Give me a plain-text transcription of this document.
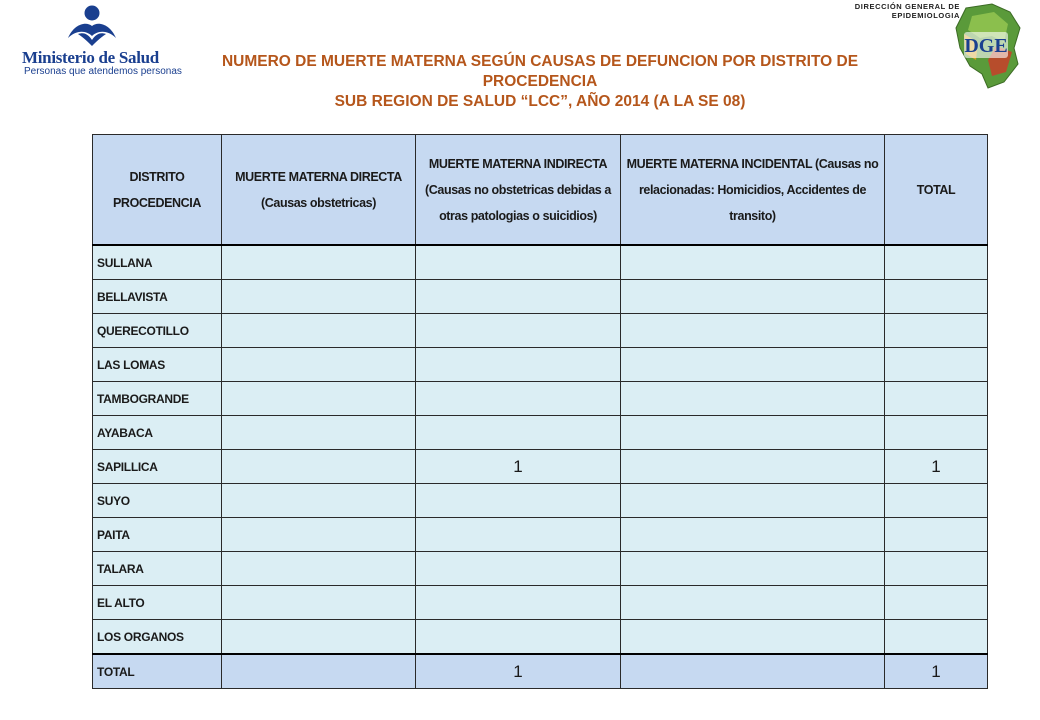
Ministerio de Salud
Personas que atendemos personas
DIRECCIÓN GENERAL DE
EPIDEMIOLOGIA
DGE
NUMERO DE MUERTE MATERNA SEGÚN CAUSAS DE DEFUNCION POR DISTRITO DE
PROCEDENCIA
SUB REGION DE SALUD “LCC”, AÑO 2014 (A LA SE 08)
DISTRITO PROCEDENCIA	MUERTE MATERNA DIRECTA (Causas obstetricas)	MUERTE MATERNA INDIRECTA (Causas no obstetricas debidas a otras patologias o suicidios)	MUERTE MATERNA INCIDENTAL (Causas no relacionadas: Homicidios, Accidentes de transito)	TOTAL
SULLANA				
BELLAVISTA				
QUERECOTILLO				
LAS LOMAS				
TAMBOGRANDE				
AYABACA				
SAPILLICA		1		1
SUYO				
PAITA				
TALARA				
EL ALTO				
LOS ORGANOS				
TOTAL		1		1
